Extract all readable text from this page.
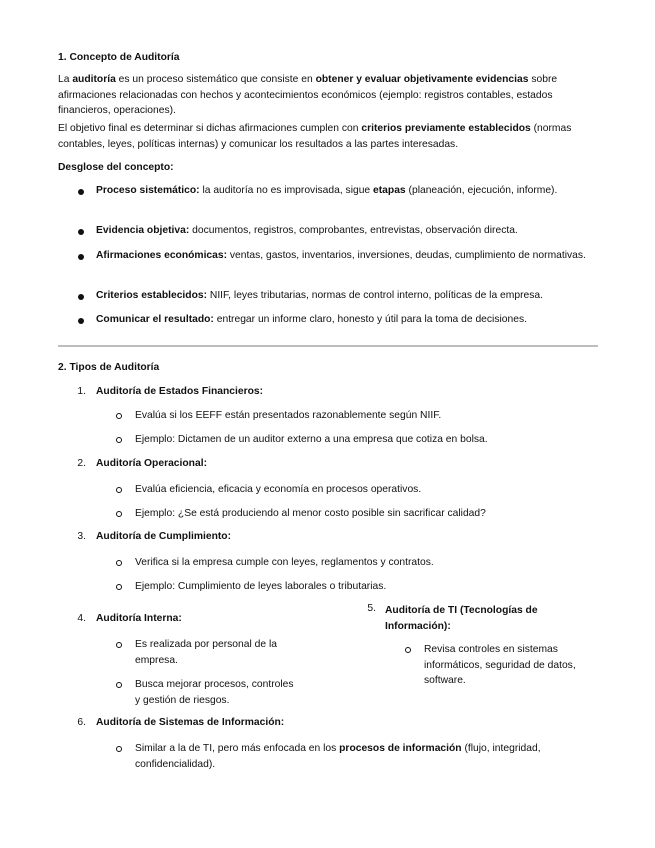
1. Concepto de Auditoría

La auditoría es un proceso sistemático que consiste en obtener y evaluar objetivamente evidencias sobre afirmaciones relacionadas con hechos y acontecimientos económicos (ejemplo: registros contables, estados financieros, operaciones).

El objetivo final es determinar si dichas afirmaciones cumplen con criterios previamente establecidos (normas contables, leyes, políticas internas) y comunicar los resultados a las partes interesadas.

Desglose del concepto:
Proceso sistemático: la auditoría no es improvisada, sigue etapas (planeación, ejecución, informe).
Evidencia objetiva: documentos, registros, comprobantes, entrevistas, observación directa.
Afirmaciones económicas: ventas, gastos, inventarios, inversiones, deudas, cumplimiento de normativas.
Criterios establecidos: NIIF, leyes tributarias, normas de control interno, políticas de la empresa.
Comunicar el resultado: entregar un informe claro, honesto y útil para la toma de decisiones.
2. Tipos de Auditoría
1. Auditoría de Estados Financieros:
Evalúa si los EEFF están presentados razonablemente según NIIF.
Ejemplo: Dictamen de un auditor externo a una empresa que cotiza en bolsa.
2. Auditoría Operacional:
Evalúa eficiencia, eficacia y economía en procesos operativos.
Ejemplo: ¿Se está produciendo al menor costo posible sin sacrificar calidad?
3. Auditoría de Cumplimiento:
Verifica si la empresa cumple con leyes, reglamentos y contratos.
Ejemplo: Cumplimiento de leyes laborales o tributarias.
4. Auditoría Interna:
Es realizada por personal de la empresa.
Busca mejorar procesos, controles y gestión de riesgos.
5. Auditoría de TI (Tecnologías de Información):
Revisa controles en sistemas informáticos, seguridad de datos, software.
6. Auditoría de Sistemas de Información:
Similar a la de TI, pero más enfocada en los procesos de información (flujo, integridad, confidencialidad).
